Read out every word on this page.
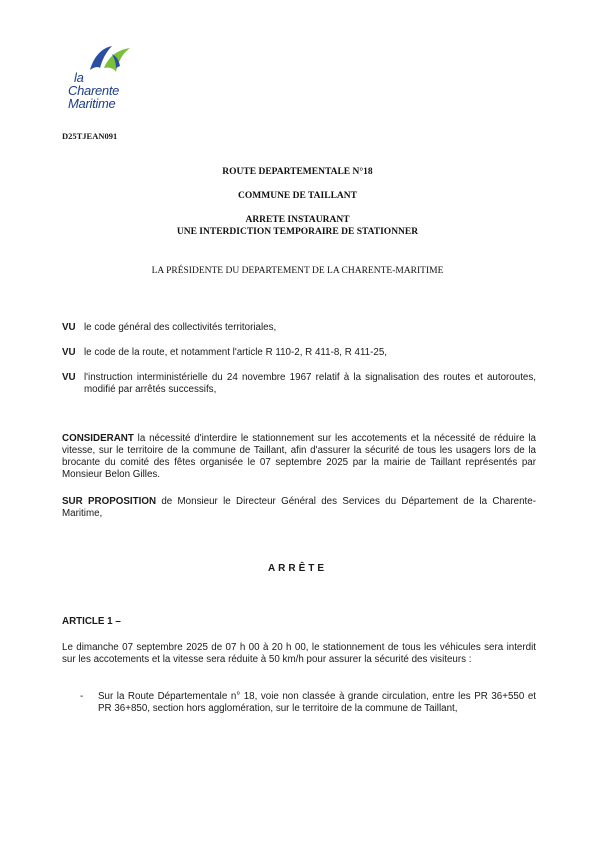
la
Charente
Maritime
D25TJEAN091
ROUTE DEPARTEMENTALE N°18
COMMUNE DE TAILLANT
ARRETE INSTAURANT
UNE INTERDICTION TEMPORAIRE DE STATIONNER
LA PRÉSIDENTE DU DEPARTEMENT DE LA CHARENTE-MARITIME
VU le code général des collectivités territoriales,
VU le code de la route, et notamment l'article R 110-2, R 411-8, R 411-25,
VU l'instruction interministérielle du 24 novembre 1967 relatif à la signalisation des routes et autoroutes, modifié par arrêtés successifs,
CONSIDERANT la nécessité d'interdire le stationnement sur les accotements et la nécessité de réduire la vitesse, sur le territoire de la commune de Taillant, afin d'assurer la sécurité de tous les usagers lors de la brocante du comité des fêtes organisée le 07 septembre 2025 par la mairie de Taillant représentés par Monsieur Belon Gilles.
SUR PROPOSITION de Monsieur le Directeur Général des Services du Département de la Charente-Maritime,
ARRÊTE
ARTICLE 1 –
Le dimanche 07 septembre 2025 de 07 h 00 à 20 h 00, le stationnement de tous les véhicules sera interdit sur les accotements et la vitesse sera réduite à 50 km/h pour assurer la sécurité des visiteurs :
-	Sur la Route Départementale n° 18, voie non classée à grande circulation, entre les PR 36+550 et PR 36+850, section hors agglomération, sur le territoire de la commune de Taillant,
